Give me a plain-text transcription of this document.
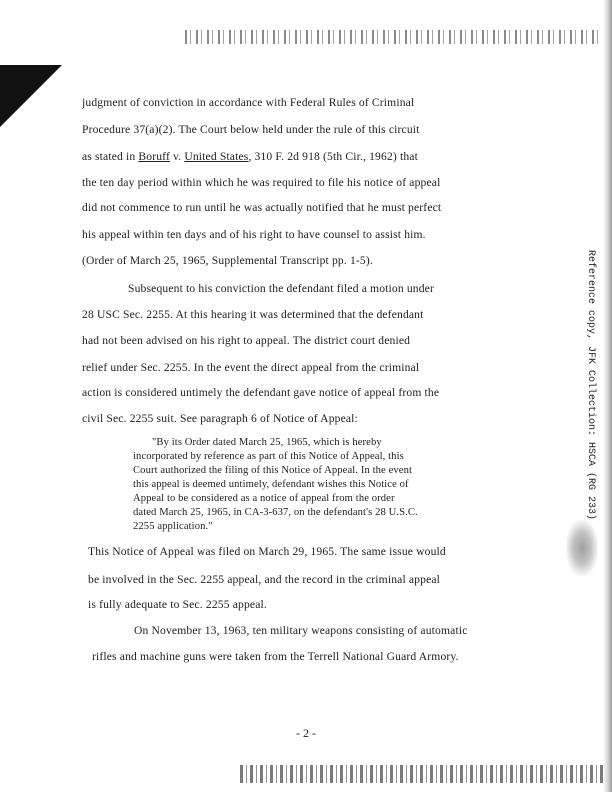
judgment of conviction in accordance with Federal Rules of Criminal
Procedure 37(a)(2). The Court below held under the rule of this circuit
as stated in Boruff v. United States, 310 F. 2d 918 (5th Cir., 1962) that
the ten day period within which he was required to file his notice of appeal
did not commence to run until he was actually notified that he must perfect
his appeal within ten days and of his right to have counsel to assist him.
(Order of March 25, 1965, Supplemental Transcript pp. 1-5).
Subsequent to his conviction the defendant filed a motion under
28 USC Sec. 2255. At this hearing it was determined that the defendant
had not been advised on his right to appeal. The district court denied
relief under Sec. 2255. In the event the direct appeal from the criminal
action is considered untimely the defendant gave notice of appeal from the
civil Sec. 2255 suit. See paragraph 6 of Notice of Appeal:
"By its Order dated March 25, 1965, which is hereby
incorporated by reference as part of this Notice of Appeal, this
Court authorized the filing of this Notice of Appeal. In the event
this appeal is deemed untimely, defendant wishes this Notice of
Appeal to be considered as a notice of appeal from the order
dated March 25, 1965, in CA-3-637, on the defendant's 28 U.S.C.
2255 application."
This Notice of Appeal was filed on March 29, 1965. The same issue would
be involved in the Sec. 2255 appeal, and the record in the criminal appeal
is fully adequate to Sec. 2255 appeal.
On November 13, 1963, ten military weapons consisting of automatic
rifles and machine guns were taken from the Terrell National Guard Armory.
- 2 -
Reference copy, JFK Collection: HSCA (RG 233)
